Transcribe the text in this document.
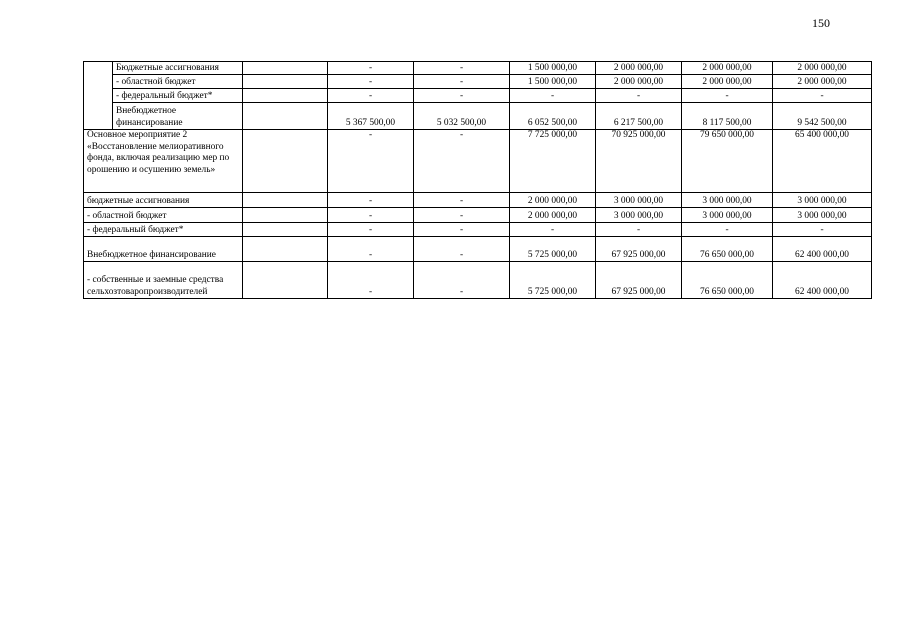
150
	Бюджетные ассигнования		-	-	1 500 000,00	2 000 000,00	2 000 000,00	2 000 000,00
	- областной бюджет		-	-	1 500 000,00	2 000 000,00	2 000 000,00	2 000 000,00
	- федеральный бюджет*		-	-	-	-	-	-
	Внебюджетное финансирование		5 367 500,00	5 032 500,00	6 052 500,00	6 217 500,00	8 117 500,00	9 542 500,00
Основное мероприятие 2 «Восстановление мелиоративного фонда, включая реализацию мер по орошению и осушению земель»			-	-	7 725 000,00	70 925 000,00	79 650 000,00	65 400 000,00
бюджетные ассигнования			-	-	2 000 000,00	3 000 000,00	3 000 000,00	3 000 000,00
- областной бюджет			-	-	2 000 000,00	3 000 000,00	3 000 000,00	3 000 000,00
- федеральный бюджет*			-	-	-	-	-	-
Внебюджетное финансирование			-	-	5 725 000,00	67 925 000,00	76 650 000,00	62 400 000,00
- собственные и заемные средства сельхозтоваропроизводителей			-	-	5 725 000,00	67 925 000,00	76 650 000,00	62 400 000,00
